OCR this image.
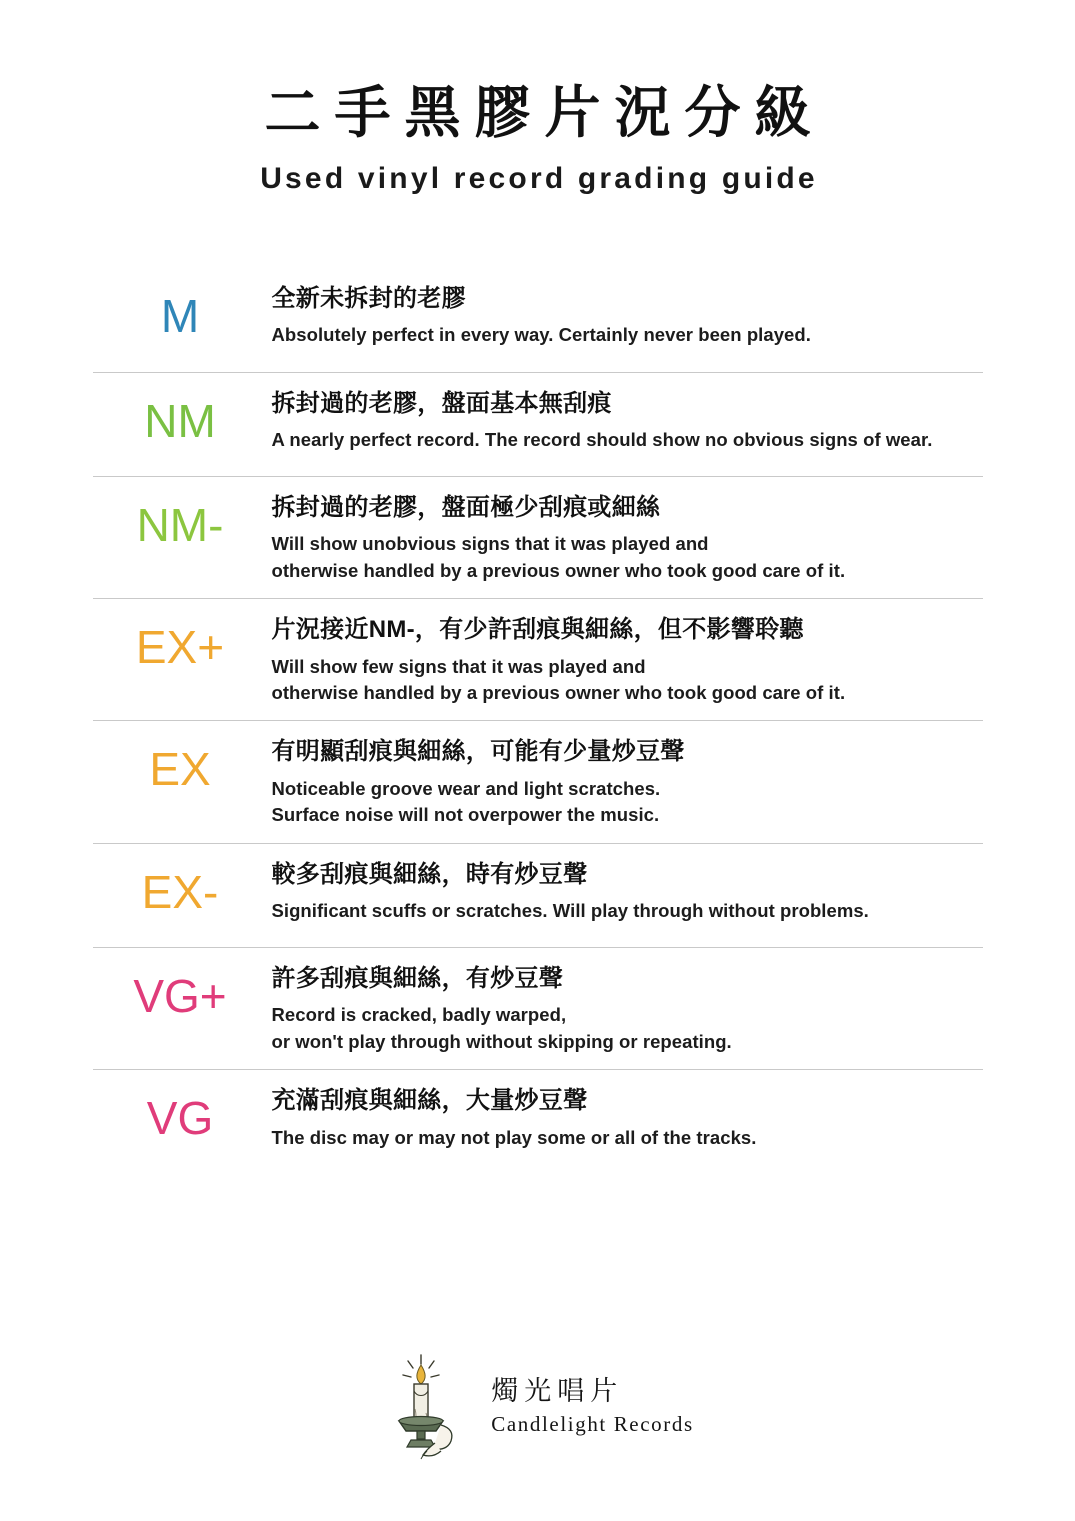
二手黑膠片況分級
Used vinyl record grading guide
M	全新未拆封的老膠
Absolutely perfect in every way. Certainly never been played.
NM	拆封過的老膠，盤面基本無刮痕
A nearly perfect record. The record should show no obvious signs of wear.
NM-	拆封過的老膠，盤面極少刮痕或細絲
Will show unobvious signs that it was played and
otherwise handled by a previous owner who took good care of it.
EX+	片況接近NM-，有少許刮痕與細絲，但不影響聆聽
Will show few signs that it was played and
otherwise handled by a previous owner who took good care of it.
EX	有明顯刮痕與細絲，可能有少量炒豆聲
Noticeable groove wear and light scratches.
Surface noise will not overpower the music.
EX-	較多刮痕與細絲，時有炒豆聲
Significant scuffs or scratches. Will play through without problems.
VG+	許多刮痕與細絲，有炒豆聲
Record is cracked, badly warped,
or won't play through without skipping or repeating.
VG	充滿刮痕與細絲，大量炒豆聲
The disc may or may not play some or all of the tracks.
燭光唱片
Candlelight Records
